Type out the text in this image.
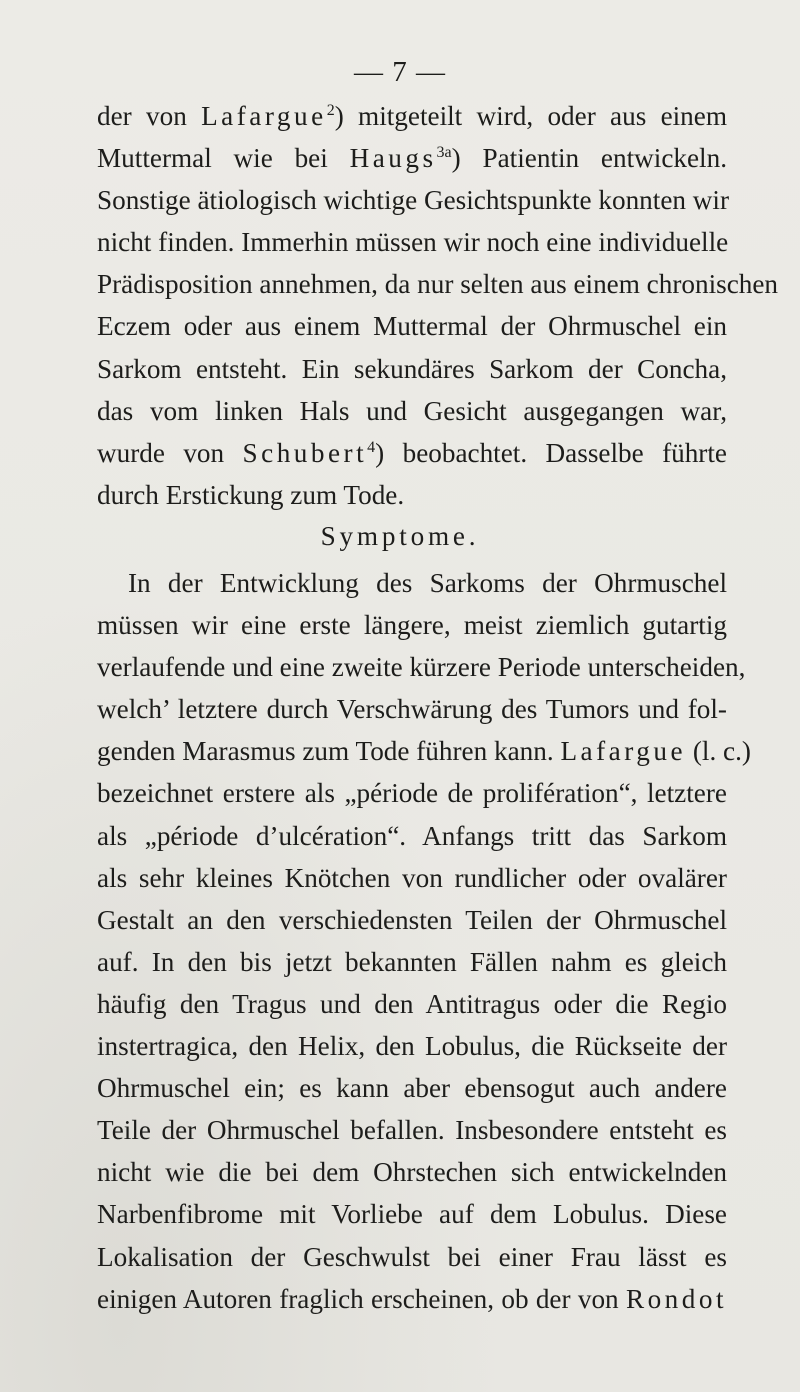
— 7 —
der von Lafargue$^2$) mitgeteilt wird, oder aus einem
Muttermal wie bei Haugs$^{3a}$) Patientin entwickeln.
Sonstige ätiologisch wichtige Gesichtspunkte konnten wir
nicht finden. Immerhin müssen wir noch eine individuelle
Prädisposition annehmen, da nur selten aus einem chronischen
Eczem oder aus einem Muttermal der Ohrmuschel ein
Sarkom entsteht. Ein sekundäres Sarkom der Concha,
das vom linken Hals und Gesicht ausgegangen war,
wurde von Schubert$^4$) beobachtet. Dasselbe führte
durch Erstickung zum Tode.
Symptome.
In der Entwicklung des Sarkoms der Ohrmuschel
müssen wir eine erste längere, meist ziemlich gutartig
verlaufende und eine zweite kürzere Periode unterscheiden,
welch’ letztere durch Verschwärung des Tumors und fol-
genden Marasmus zum Tode führen kann. Lafargue (l. c.)
bezeichnet erstere als „période de prolifération“, letztere
als „période d’ulcération“. Anfangs tritt das Sarkom
als sehr kleines Knötchen von rundlicher oder ovalärer
Gestalt an den verschiedensten Teilen der Ohrmuschel
auf. In den bis jetzt bekannten Fällen nahm es gleich
häufig den Tragus und den Antitragus oder die Regio
instertragica, den Helix, den Lobulus, die Rückseite der
Ohrmuschel ein; es kann aber ebensogut auch andere
Teile der Ohrmuschel befallen. Insbesondere entsteht es
nicht wie die bei dem Ohrstechen sich entwickelnden
Narbenfibrome mit Vorliebe auf dem Lobulus. Diese
Lokalisation der Geschwulst bei einer Frau lässt es
einigen Autoren fraglich erscheinen, ob der von Rondot
